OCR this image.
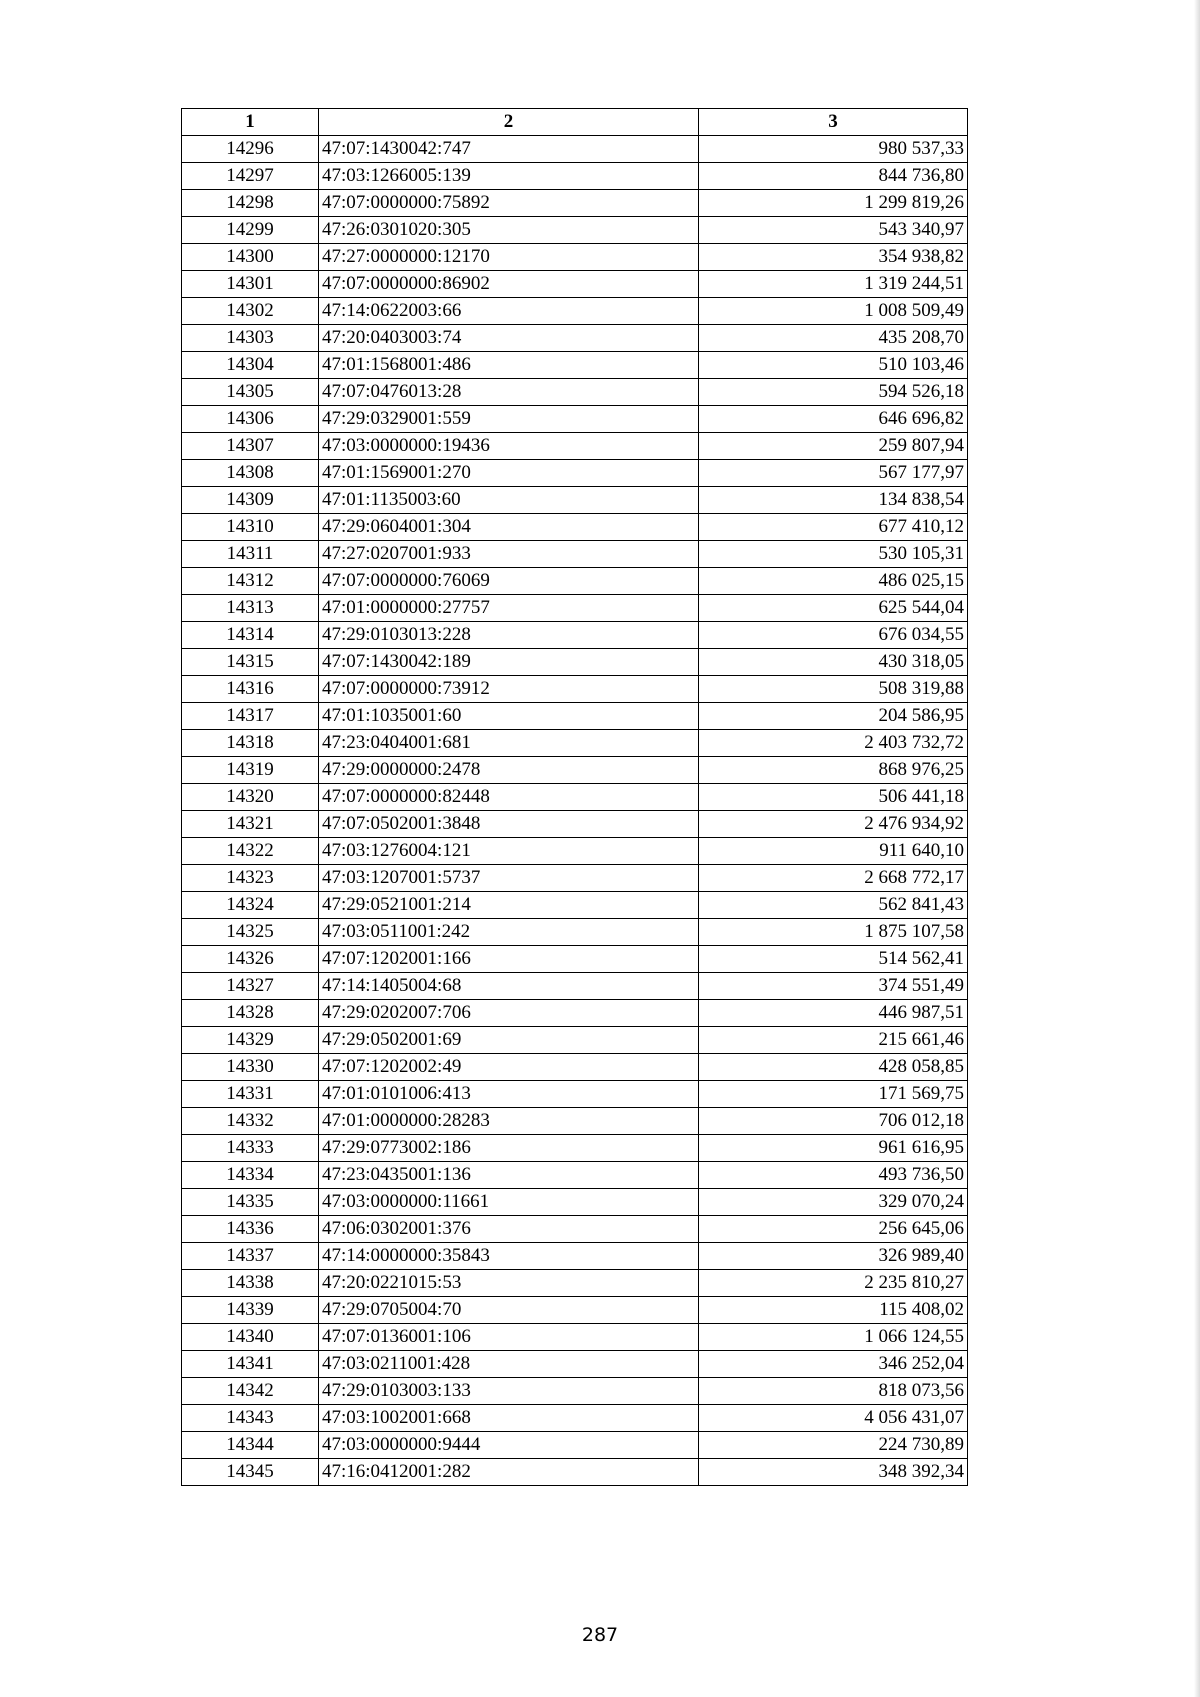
1	2	3
14296	47:07:1430042:747	980 537,33
14297	47:03:1266005:139	844 736,80
14298	47:07:0000000:75892	1 299 819,26
14299	47:26:0301020:305	543 340,97
14300	47:27:0000000:12170	354 938,82
14301	47:07:0000000:86902	1 319 244,51
14302	47:14:0622003:66	1 008 509,49
14303	47:20:0403003:74	435 208,70
14304	47:01:1568001:486	510 103,46
14305	47:07:0476013:28	594 526,18
14306	47:29:0329001:559	646 696,82
14307	47:03:0000000:19436	259 807,94
14308	47:01:1569001:270	567 177,97
14309	47:01:1135003:60	134 838,54
14310	47:29:0604001:304	677 410,12
14311	47:27:0207001:933	530 105,31
14312	47:07:0000000:76069	486 025,15
14313	47:01:0000000:27757	625 544,04
14314	47:29:0103013:228	676 034,55
14315	47:07:1430042:189	430 318,05
14316	47:07:0000000:73912	508 319,88
14317	47:01:1035001:60	204 586,95
14318	47:23:0404001:681	2 403 732,72
14319	47:29:0000000:2478	868 976,25
14320	47:07:0000000:82448	506 441,18
14321	47:07:0502001:3848	2 476 934,92
14322	47:03:1276004:121	911 640,10
14323	47:03:1207001:5737	2 668 772,17
14324	47:29:0521001:214	562 841,43
14325	47:03:0511001:242	1 875 107,58
14326	47:07:1202001:166	514 562,41
14327	47:14:1405004:68	374 551,49
14328	47:29:0202007:706	446 987,51
14329	47:29:0502001:69	215 661,46
14330	47:07:1202002:49	428 058,85
14331	47:01:0101006:413	171 569,75
14332	47:01:0000000:28283	706 012,18
14333	47:29:0773002:186	961 616,95
14334	47:23:0435001:136	493 736,50
14335	47:03:0000000:11661	329 070,24
14336	47:06:0302001:376	256 645,06
14337	47:14:0000000:35843	326 989,40
14338	47:20:0221015:53	2 235 810,27
14339	47:29:0705004:70	115 408,02
14340	47:07:0136001:106	1 066 124,55
14341	47:03:0211001:428	346 252,04
14342	47:29:0103003:133	818 073,56
14343	47:03:1002001:668	4 056 431,07
14344	47:03:0000000:9444	224 730,89
14345	47:16:0412001:282	348 392,34
287
